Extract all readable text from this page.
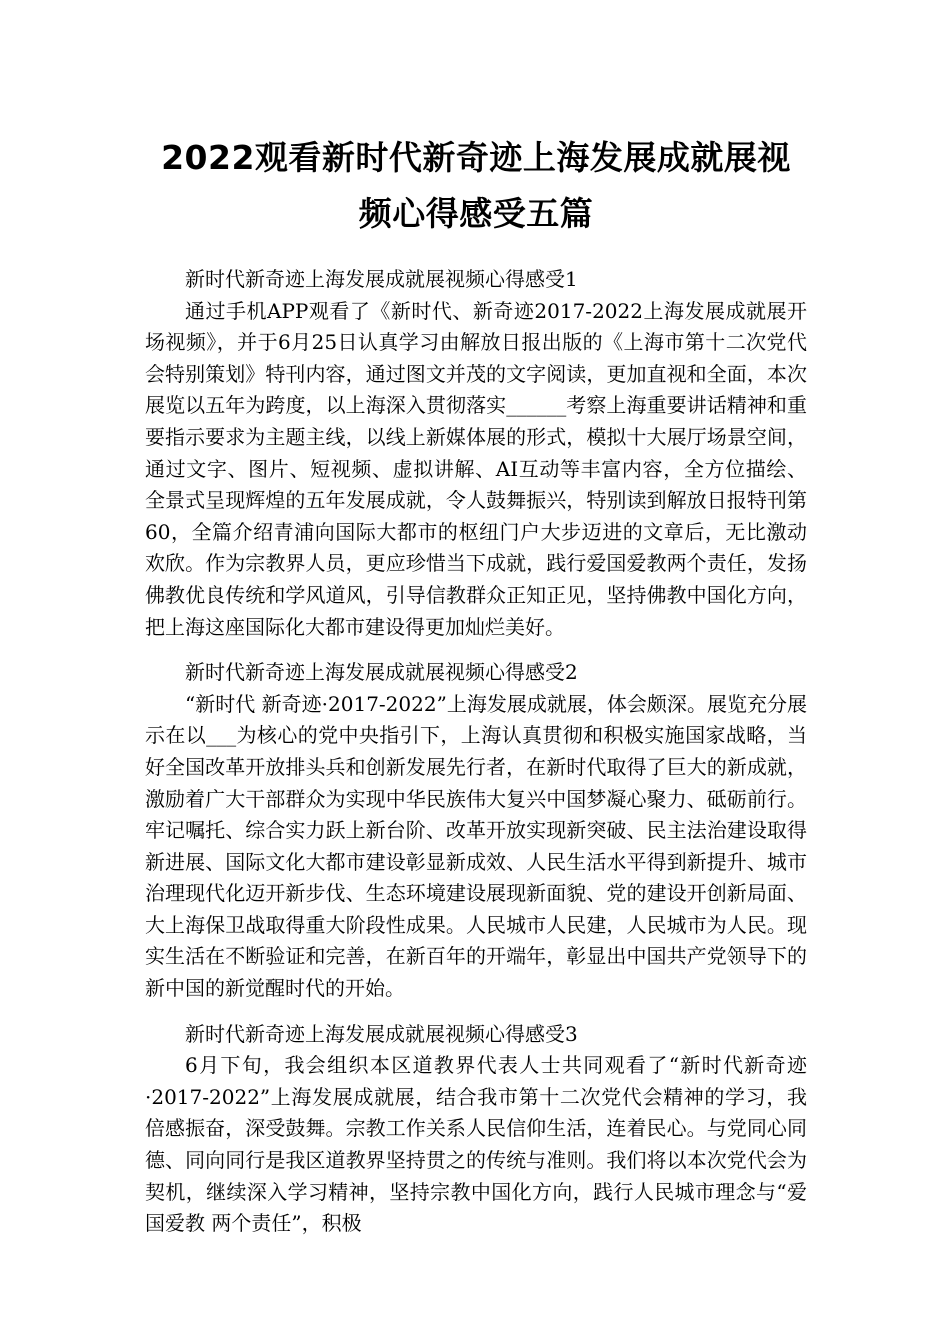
2022观看新时代新奇迹上海发展成就展视频心得感受五篇

新时代新奇迹上海发展成就展视频心得感受1

通过手机APP观看了《新时代、新奇迹2017-2022上海发展成就展开场视频》，并于6月25日认真学习由解放日报出版的《上海市第十二次党代会特别策划》特刊内容，通过图文并茂的文字阅读，更加直视和全面，本次展览以五年为跨度，以上海深入贯彻落实______考察上海重要讲话精神和重要指示要求为主题主线，以线上新媒体展的形式，模拟十大展厅场景空间，通过文字、图片、短视频、虚拟讲解、AI互动等丰富内容，全方位描绘、全景式呈现辉煌的五年发展成就，令人鼓舞振兴，特别读到解放日报特刊第60，全篇介绍青浦向国际大都市的枢纽门户大步迈进的文章后，无比激动欢欣。作为宗教界人员，更应珍惜当下成就，践行爱国爱教两个责任，发扬佛教优良传统和学风道风，引导信教群众正知正见，坚持佛教中国化方向，把上海这座国际化大都市建设得更加灿烂美好。

新时代新奇迹上海发展成就展视频心得感受2

“新时代 新奇迹·2017-2022”上海发展成就展，体会颇深。展览充分展示在以___为核心的党中央指引下，上海认真贯彻和积极实施国家战略，当好全国改革开放排头兵和创新发展先行者，在新时代取得了巨大的新成就，激励着广大干部群众为实现中华民族伟大复兴中国梦凝心聚力、砥砺前行。牢记嘱托、综合实力跃上新台阶、改革开放实现新突破、民主法治建设取得新进展、国际文化大都市建设彰显新成效、人民生活水平得到新提升、城市治理现代化迈开新步伐、生态环境建设展现新面貌、党的建设开创新局面、大上海保卫战取得重大阶段性成果。人民城市人民建，人民城市为人民。现实生活在不断验证和完善，在新百年的开端年，彰显出中国共产党领导下的新中国的新觉醒时代的开始。

新时代新奇迹上海发展成就展视频心得感受3

6月下旬，我会组织本区道教界代表人士共同观看了“新时代新奇迹·2017-2022”上海发展成就展，结合我市第十二次党代会精神的学习，我倍感振奋，深受鼓舞。宗教工作关系人民信仰生活，连着民心。与党同心同德、同向同行是我区道教界坚持贯之的传统与准则。我们将以本次党代会为契机，继续深入学习精神，坚持宗教中国化方向，践行人民城市理念与“爱国爱教 两个责任”，积极
